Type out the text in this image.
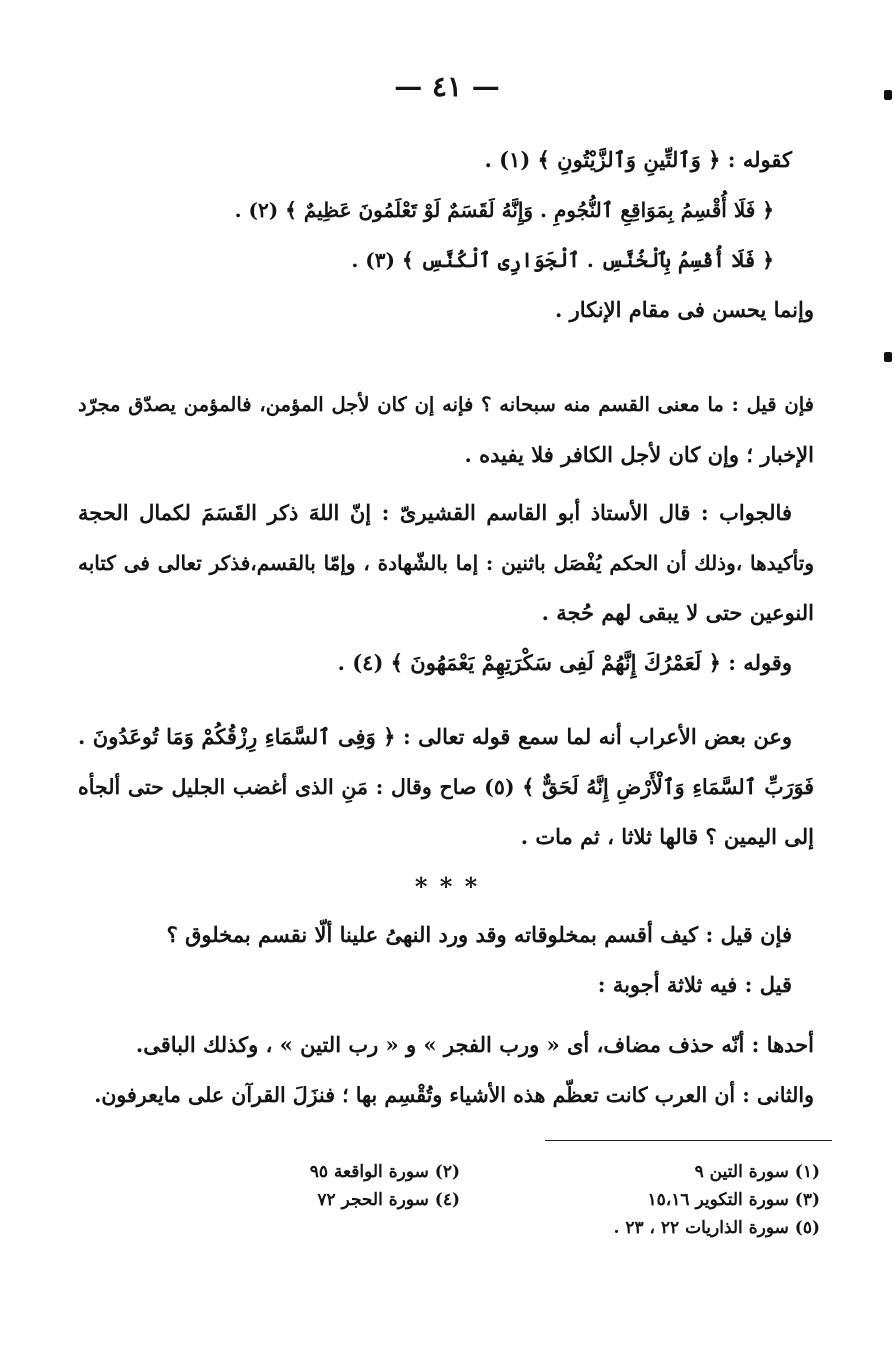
— ٤١ —
كقوله : ﴿ وَٱلتِّينِ وَٱلزَّيْتُونِ ﴾ (١) .
﴿ فَلَا أُقْسِمُ بِمَوَاقِعِ ٱلنُّجُومِ . وَإِنَّهُ لَقَسَمٌ لَوْ تَعْلَمُونَ عَظِيمٌ ﴾ (٢) .
﴿ فَلَا أُقْسِمُ بِٱلْخُنَّسِ . ٱلْجَوَارِى ٱلْكُنَّسِ ﴾ (٣) .
وإنما يحسن فى مقام الإنكار .
فإن قيل : ما معنى القسم منه سبحانه ؟ فإنه إن كان لأجل المؤمن، فالمؤمن يصدّق مجرّد
الإخبار ؛ وإن كان لأجل الكافر فلا يفيده .
فالجواب : قال الأستاذ أبو القاسم القشيرىّ : إنّ اللهَ ذكر القَسَمَ لكمال الحجة
وتأكيدها ،وذلك أن الحكم يُفْصَل باثنين : إما بالشّهادة ، وإمّا بالقسم،فذكر تعالى فى كتابه
النوعين حتى لا يبقى لهم حُجة .
وقوله : ﴿ لَعَمْرُكَ إِنَّهُمْ لَفِى سَكْرَتِهِمْ يَعْمَهُونَ ﴾ (٤) .
وعن بعض الأعراب أنه لما سمع قوله تعالى : ﴿ وَفِى ٱلسَّمَاءِ رِزْقُكُمْ وَمَا تُوعَدُونَ .
فَوَرَبِّ ٱلسَّمَاءِ وَٱلْأَرْضِ إِنَّهُ لَحَقٌّ ﴾ (٥) صاح وقال : مَنِ الذى أغضب الجليل حتى ألجأه
إلى اليمين ؟ قالها ثلاثا ، ثم مات .
* * *
فإن قيل : كيف أقسم بمخلوقاته وقد ورد النهىُ علينا ألّا نقسم بمخلوق ؟
قيل : فيه ثلاثة أجوبة :
أحدها : أنّه حذف مضاف، أى « ورب الفجر » و « رب التين » ، وكذلك الباقى.
والثانى : أن العرب كانت تعظّم هذه الأشياء وتُقْسِم بها ؛ فنزَلَ القرآن على مايعرفون.
(١) سورة التين ٩(٢) سورة الواقعة ٩٥
(٣) سورة التكوير ١٥،١٦(٤) سورة الحجر ٧٢
(٥) سورة الذاريات ٢٢ ، ٢٣ .
